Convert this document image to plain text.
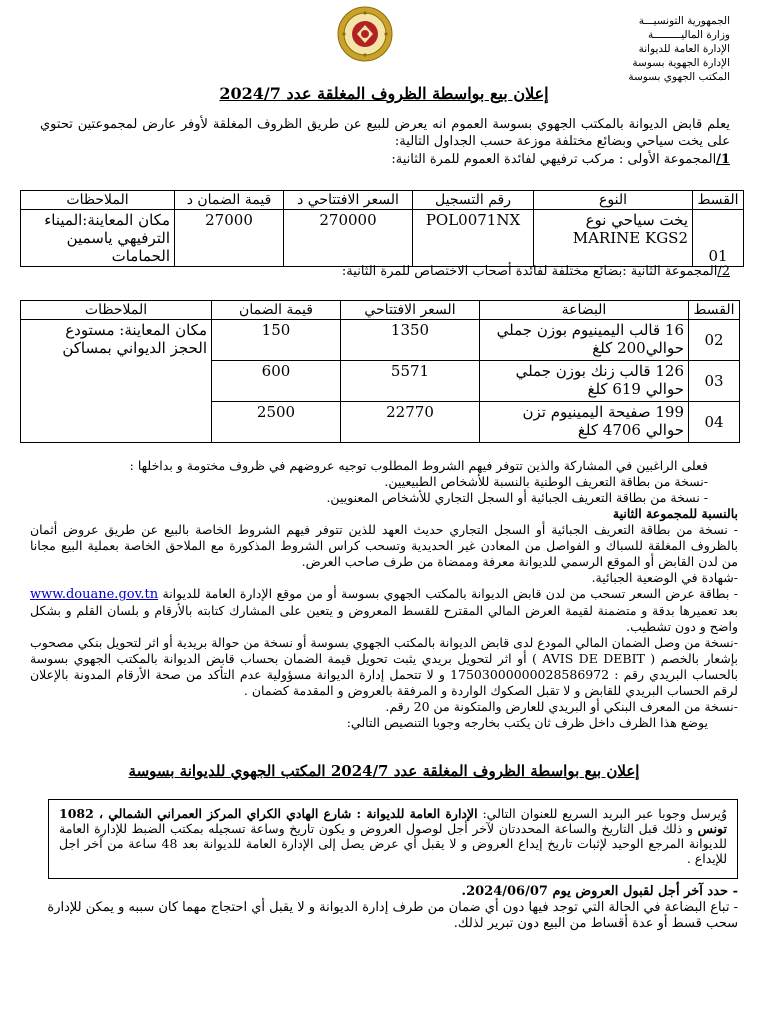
الجمهورية التونسيـــة
وزارة الماليـــــــــة
الإدارة العامة للديوانة
الإدارة الجهوية بسوسة
المكتب الجهوي بسوسة
إعلان بيع بواسطة الظروف المغلقة عدد 2024/7
يعلم قابض الديوانة بالمكتب الجهوي بسوسة العموم انه يعرض للبيع عن طريق الظروف المغلقة لأوفر عارض لمجموعتين تحتوي على يخت سياحي وبضائع مختلفة موزعة حسب الجداول التالية:
1/المجموعة الأولى : مركب ترفيهي لفائدة العموم للمرة الثانية:
القسط	النوع	رقم التسجيل	السعر الافتتاحي د	قيمة الضمان د	الملاحظات
01	يخت سياحي نوع MARINE KGS2	POL0071NX	270000	27000	مكان المعاينة:الميناء الترفيهي ياسمين الحمامات
2/المجموعة الثانية :بضائع مختلفة لفائدة أصحاب الاختصاص للمرة الثانية:
القسط	البضاعة	السعر الافتتاحي	قيمة الضمان	الملاحظات
02	16 قالب اليمينيوم بوزن جملي حوالي200 كلغ	1350	150	مكان المعاينة: مستودع الحجز الديواني بمساكن
03	126 قالب زنك بوزن جملي حوالي 619 كلغ	5571	600	
04	199 صفيحة اليمينيوم تزن حوالي 4706 كلغ	22770	2500	

فعلى الراغبين في المشاركة والذين تتوفر فيهم الشروط المطلوب توجيه عروضهم في ظروف مختومة و بداخلها :

-نسخة من بطاقة التعريف الوطنية بالنسبة للأشخاص الطبيعيين.

- نسخة من بطاقة التعريف الجبائية أو السجل التجاري للأشخاص المعنويين.

بالنسبة للمجموعة الثانية

- نسخة من بطاقة التعريف الجبائية أو السجل التجاري حديث العهد للذين تتوفر فيهم الشروط الخاصة بالبيع عن طريق عروض أثمان بالظروف المغلقة للسباك و الفواصل من المعادن غير الحديدية وتسحب كراس الشروط المذكورة مع الملاحق الخاصة بعملية البيع مجانا من لدن القابض أو الموقع الرسمي للديوانة معرفة وممضاة من طرف صاحب العرض.

-شهادة في الوضعية الجبائية.

- بطاقة عرض السعر تسحب من لدن قابض الديوانة بالمكتب الجهوي بسوسة أو من موقع الإدارة العامة للديوانة www.douane.gov.tn بعد تعميرها بدقة و متضمنة لقيمة العرض المالي المقترح للقسط المعروض و يتعين على المشارك كتابته بالأرقام و بلسان القلم و بشكل واضح و دون تشطيب.

-نسخة من وصل الضمان المالي المودع لدى قابض الديوانة بالمكتب الجهوي بسوسة أو نسخة من حوالة بريدية أو اثر لتحويل بنكي مصحوب بإشعار بالخصم ( AVIS DE DEBIT ) أو اثر لتحويل بريدي يثبت تحويل قيمة الضمان بحساب قابض الديوانة بالمكتب الجهوي بسوسة بالحساب البريدي رقم : 17503000000028586972 و لا تتحمل إدارة الديوانة مسؤولية عدم التأكد من صحة الأرقام المدونة بالإعلان لرقم الحساب البريدي للقابض و لا تقبل الصكوك الواردة و المرفقة بالعروض و المقدمة كضمان .

-نسخة من المعرف البنكي أو البريدي للعارض والمتكونة من 20 رقم.

يوضع هذا الظرف داخل ظرف ثان يكتب بخارجه وجوبا التنصيص التالي:

إعلان بيع بواسطة الظروف المغلقة عدد 2024/7 المكتب الجهوي للديوانة بسوسة
وُيرسل وجوبا عبر البريد السريع للعنوان التالي: الإدارة العامة للديوانة : شارع الهادي الكراي المركز العمراني الشمالي ، 1082 تونس و ذلك قبل التاريخ والساعة المحددتان لآخر أجل لوصول العروض و يكون تاريخ وساعة تسجيله بمكتب الضبط للإدارة العامة للديوانة المرجع الوحيد لإثبات تاريخ إيداع العروض و لا يقبل أي عرض يصل إلى الإدارة العامة للديوانة بعد 48 ساعة من آخر اجل للإيداع .
- حدد آخر أجل لقبول العروض يوم 2024/06/07.
- تباع البضاعة في الحالة التي توجد فيها دون أي ضمان من طرف إدارة الديوانة و لا يقبل أي احتجاج مهما كان سببه و يمكن للإدارة سحب قسط أو عدة أقساط من البيع دون تبرير لذلك.
